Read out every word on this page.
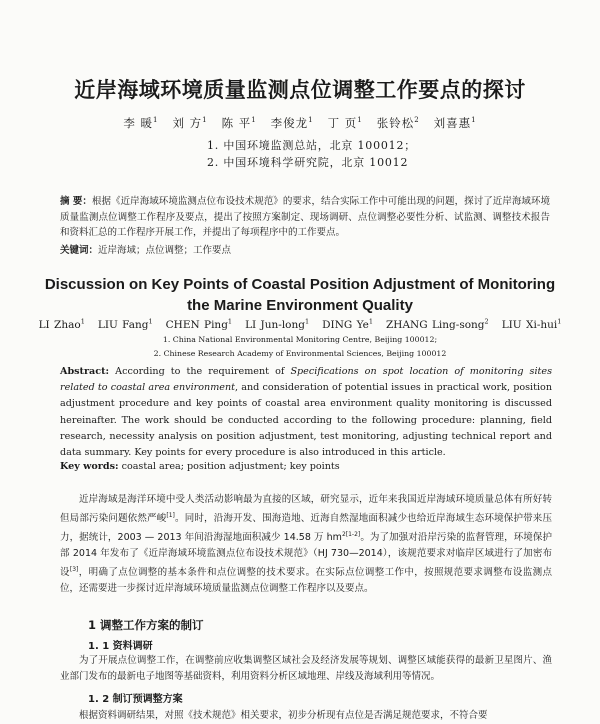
近岸海域环境质量监测点位调整工作要点的探讨
李 暖$^1$ 刘 方$^1$ 陈 平$^1$ 李俊龙$^1$ 丁 页$^1$ 张铃松$^2$ 刘喜惠$^1$
1. 中国环境监测总站，北京 100012；
2. 中国环境科学研究院，北京 10012
摘 要：根据《近岸海域环境监测点位布设技术规范》的要求，结合实际工作中可能出现的问题，探讨了近岸海域环境质量监测点位调整工作程序及要点，提出了按照方案制定、现场调研、点位调整必要性分析、试监测、调整技术报告和资料汇总的工作程序开展工作，并提出了每项程序中的工作要点。
关键词：近岸海域；点位调整；工作要点
Discussion on Key Points of Coastal Position Adjustment of Monitoring
the Marine Environment Quality
LI Zhao$^1$ LIU Fang$^1$ CHEN Ping$^1$ LI Jun-long$^1$ DING Ye$^1$ ZHANG Ling-song$^2$ LIU Xi-hui$^1$
1. China National Environmental Monitoring Centre, Beijing 100012;
2. Chinese Research Academy of Environmental Sciences, Beijing 100012
Abstract: According to the requirement of Specifications on spot location of monitoring sites related to coastal area environment, and consideration of potential issues in practical work, position adjustment procedure and key points of coastal area environment quality monitoring is discussed hereinafter. The work should be conducted according to the following procedure: planning, field research, necessity analysis on position adjustment, test monitoring, adjusting technical report and data summary. Key points for every procedure is also introduced in this article.
Key words: coastal area; position adjustment; key points

近岸海域是海洋环境中受人类活动影响最为直接的区域，研究显示，近年来我国近岸海域环境质量总体有所好转但局部污染问题依然严峻[1]。同时，沿海开发、围海造地、近海自然湿地面积减少也给近岸海域生态环境保护带来压力，据统计，2003 — 2013 年间沿海湿地面积减少 14.58 万 $hm^{2[1-2]}$。为了加强对沿岸污染的监督管理，环境保护部 2014 年发布了《近岸海域环境监测点位布设技术规范》（HJ 730—2014），该规范要求对临岸区域进行了加密布设[3]，明确了点位调整的基本条件和点位调整的技术要求。在实际点位调整工作中，按照规范要求调整布设监测点位，还需要进一步探讨近岸海域环境质量监测点位调整工作程序以及要点。

1 调整工作方案的制订
1. 1 资料调研
为了开展点位调整工作，在调整前应收集调整区域社会及经济发展等规划、调整区域能获得的最新卫星图片、渔业部门发布的最新电子地图等基础资料，利用资料分析区域地理、岸线及海域利用等情况。
1. 2 制订预调整方案
根据资料调研结果，对照《技术规范》相关要求，初步分析现有点位是否满足规范要求，不符合要
